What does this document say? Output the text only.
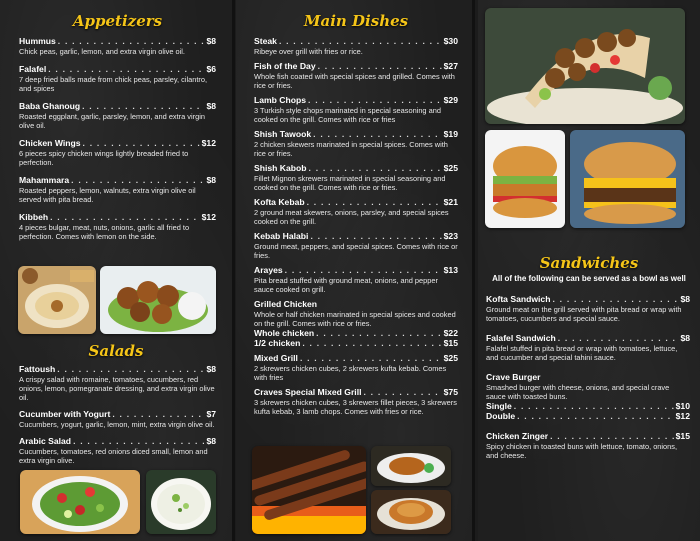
Appetizers
Hummus . . .	$8
Chick peas, garlic, lemon, and extra virgin olive oil.
Falafel . . .	$6
7 deep fried balls made from chick peas, parsley, cilantro, and spices
Baba Ghanoug . . .	$8
Roasted eggplant, garlic, parsley, lemon, and extra virgin olive oil.
Chicken Wings . . .	$12
6 pieces spicy chicken wings lightly breaded fried to perfection.
Mahammara . . .	$8
Roasted peppers, lemon, walnuts, extra virgin olive oil served with pita bread.
Kibbeh . . .	$12
4 pieces bulgar, meat, nuts, onions, garlic all fried to perfection. Comes with lemon on the side.
Salads
Fattoush . . .	$8
A crispy salad with romaine, tomatoes, cucumbers, red onions, lemon, pomegranate dressing, and extra virgin olive oil.
Cucumber with Yogurt . . .	$7
Cucumbers, yogurt, garlic, lemon, mint, extra virgin olive oil.
Arabic Salad . . .	$8
Cucumbers, tomatoes, red onions diced small, lemon and extra virgin olive.
Main Dishes
Steak . . .	$30
Ribeye over grill with fries or rice.
Fish of the Day . . .	$27
Whole fish coated with special spices and grilled. Comes with rice or fries.
Lamb Chops . . .	$29
3 Turkish style chops marinated in special seasoning and cooked on the grill. Comes with rice or fries
Shish Tawook . . .	$19
2 chicken skewers marinated in special spices. Comes with rice or fries.
Shish Kabob . . .	$25
Fillet Mignon skrewers marinated in special seasoning and cooked on the grill. Comes with rice or fries.
Kofta Kebab . . .	$21
2 ground meat skewers, onions, parsley, and special spices cooked on the grill.
Kebab Halabi . . .	$23
Ground meat, peppers, and special spices. Comes with rice or fries.
Arayes . . .	$13
Pita bread stuffed with ground meat, onions, and pepper sauce cooked on grill.
Grilled Chicken
Whole or half chicken marinated in special spices and cooked on the grill. Comes with rice or fries.
Whole chicken . . .	$22
1/2 chicken . . .	$15
Mixed Grill . . .	$25
2 skrewers chicken cubes, 2 skrewers kufta kebab. Comes with fries
Craves Special Mixed Grill . . .	$75
3 skrewers chicken cubes, 3 skrewers fillet pieces, 3 skrewers kufta kebab, 3 lamb chops. Comes with fries or rice.
Sandwiches
All of the following can be served as a bowl as well
Kofta Sandwich . . .	$8
Ground meat on the grill served with pita bread or wrap with tomatoes, cucumbers and special sauce.
Falafel Sandwich . . .	$8
Falafel stuffed in pita bread or wrap with tomatoes, lettuce, and cucumber and special tahini sauce.
Crave Burger
Smashed burger with cheese, onions, and special crave sauce with toasted buns.
Single . . .	$10
Double . . .	$12
Chicken Zinger . . .	$15
Spicy chicken in toasted buns with lettuce, tomato, onions, and cheese.
